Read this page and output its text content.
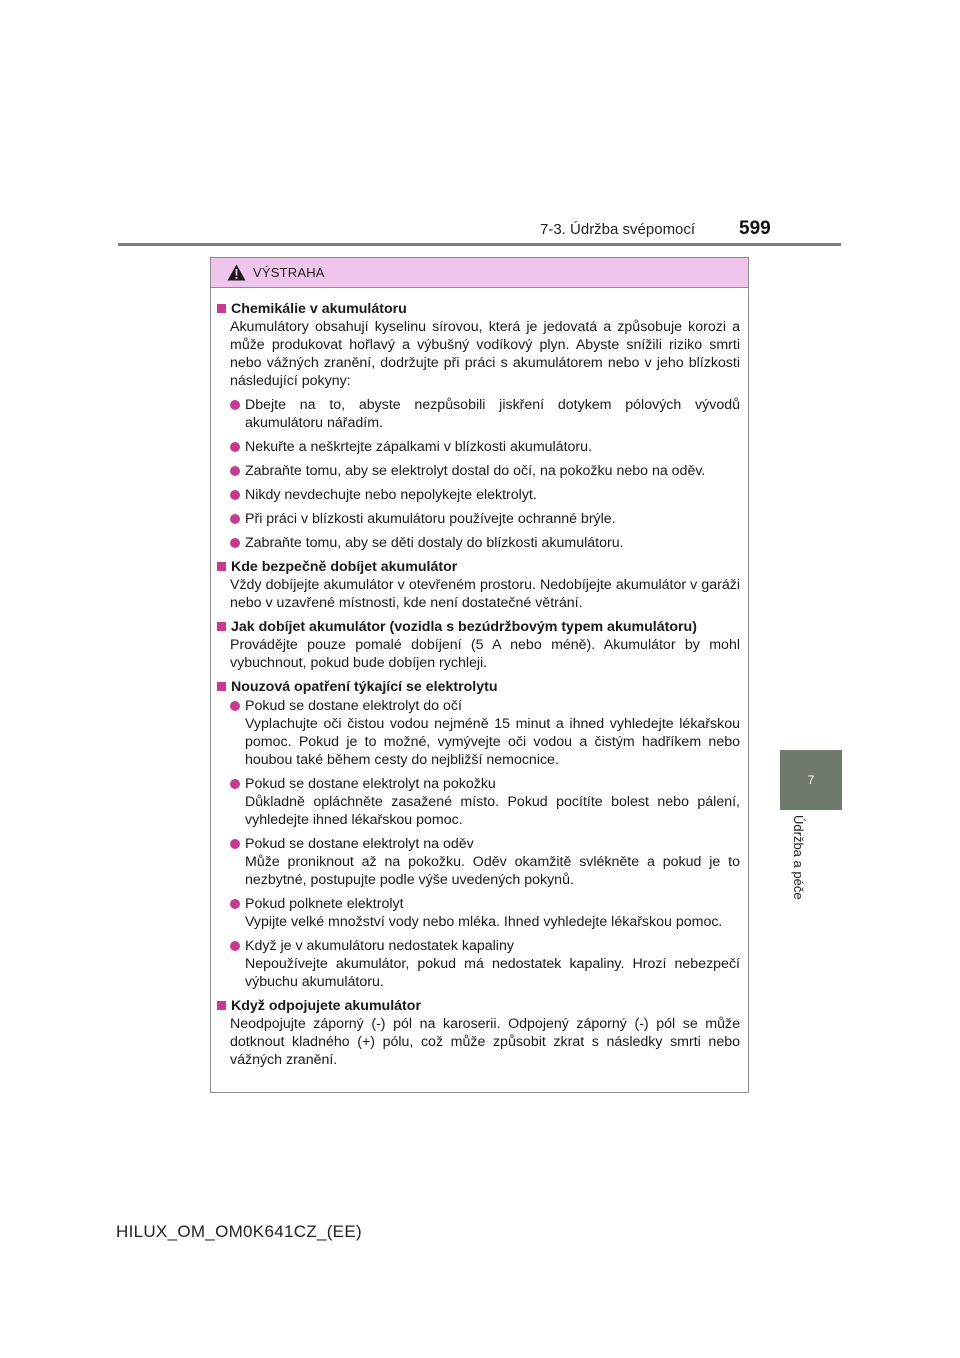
7-3. Údržba svépomocí 599
7
Údržba a péče
VÝSTRAHA
Chemikálie v akumulátoru
Akumulátory obsahují kyselinu sírovou, která je jedovatá a způsobuje korozi a může produkovat hořlavý a výbušný vodíkový plyn. Abyste snížili riziko smrti nebo vážných zranění, dodržujte při práci s akumulátorem nebo v jeho blízkosti následující pokyny:
Dbejte na to, abyste nezpůsobili jiskření dotykem pólových vývodů akumulátoru nářadím.
Nekuřte a neškrtejte zápalkami v blízkosti akumulátoru.
Zabraňte tomu, aby se elektrolyt dostal do očí, na pokožku nebo na oděv.
Nikdy nevdechujte nebo nepolykejte elektrolyt.
Při práci v blízkosti akumulátoru používejte ochranné brýle.
Zabraňte tomu, aby se děti dostaly do blízkosti akumulátoru.
Kde bezpečně dobíjet akumulátor
Vždy dobíjejte akumulátor v otevřeném prostoru. Nedobíjejte akumulátor v garáži nebo v uzavřené místnosti, kde není dostatečné větrání.
Jak dobíjet akumulátor (vozidla s bezúdržbovým typem akumulátoru)
Provádějte pouze pomalé dobíjení (5 A nebo méně). Akumulátor by mohl vybuchnout, pokud bude dobíjen rychleji.
Nouzová opatření týkající se elektrolytu
Pokud se dostane elektrolyt do očí
Vyplachujte oči čistou vodou nejméně 15 minut a ihned vyhledejte lékařskou pomoc. Pokud je to možné, vymývejte oči vodou a čistým hadříkem nebo houbou také během cesty do nejbližší nemocnice.
Pokud se dostane elektrolyt na pokožku
Důkladně opláchněte zasažené místo. Pokud pocítíte bolest nebo pálení, vyhledejte ihned lékařskou pomoc.
Pokud se dostane elektrolyt na oděv
Může proniknout až na pokožku. Oděv okamžitě svlékněte a pokud je to nezbytné, postupujte podle výše uvedených pokynů.
Pokud polknete elektrolyt
Vypijte velké množství vody nebo mléka. Ihned vyhledejte lékařskou pomoc.
Když je v akumulátoru nedostatek kapaliny
Nepoužívejte akumulátor, pokud má nedostatek kapaliny. Hrozí nebezpečí výbuchu akumulátoru.
Když odpojujete akumulátor
Neodpojujte záporný (-) pól na karoserii. Odpojený záporný (-) pól se může dotknout kladného (+) pólu, což může způsobit zkrat s následky smrti nebo vážných zranění.
HILUX_OM_OM0K641CZ_(EE)
